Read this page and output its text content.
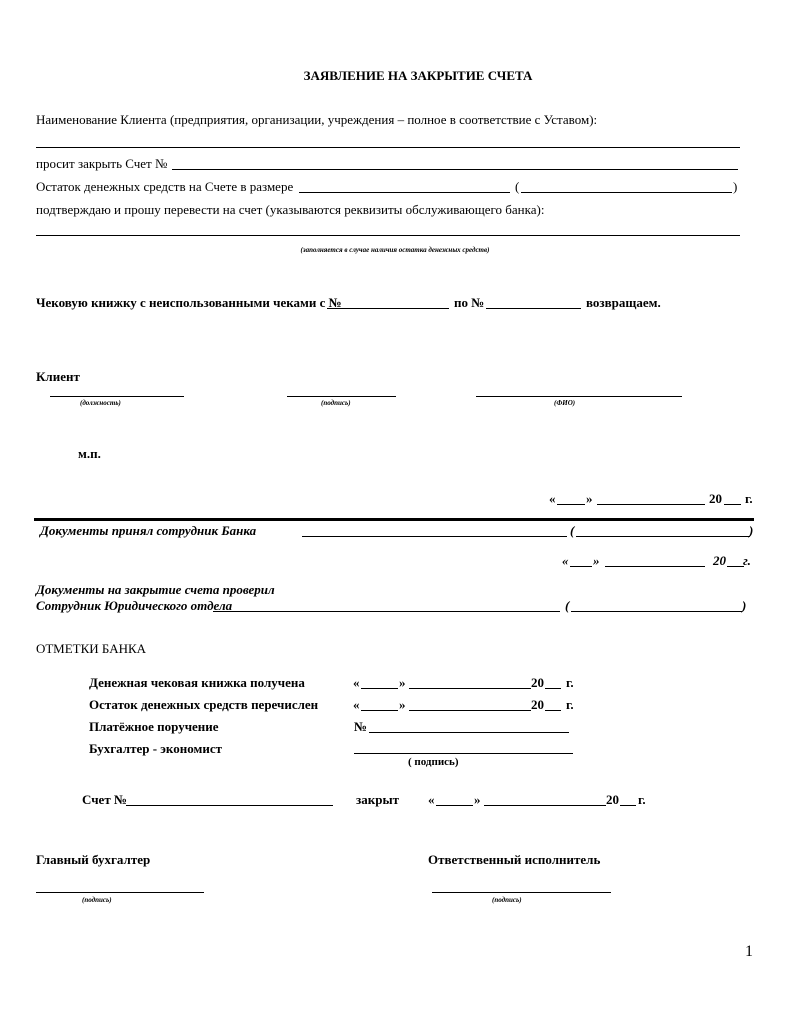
ЗАЯВЛЕНИЕ НА ЗАКРЫТИЕ СЧЕТА
Наименование Клиента (предприятия, организации, учреждения – полное в соответствие с Уставом):
просит закрыть Счет №
Остаток денежных средств на Счете в размере	(	)
подтверждаю и прошу перевести на счет (указываются реквизиты обслуживающего банка):
(заполняется в случае наличия остатка денежных средств)
Чековую книжку с неиспользованными чеками с №	по №	возвращаем.
Клиент
(должность)	(подпись)	(ФИО)
м.п.
« »	20 г.
Документы принял сотрудник Банка	(	)
« »	20 г.
Документы на закрытие счета проверил
Сотрудник Юридического отдела	(	)
ОТМЕТКИ БАНКА
Денежная чековая книжка получена	«	»	20 г.
Остаток денежных средств перечислен	«	»	20 г.
Платёжное поручение	№
Бухгалтер - экономист
( подпись)
Счет №	закрыт «	»	20 г.
Главный бухгалтер
(подпись)
Ответственный исполнитель
(подпись)
1
